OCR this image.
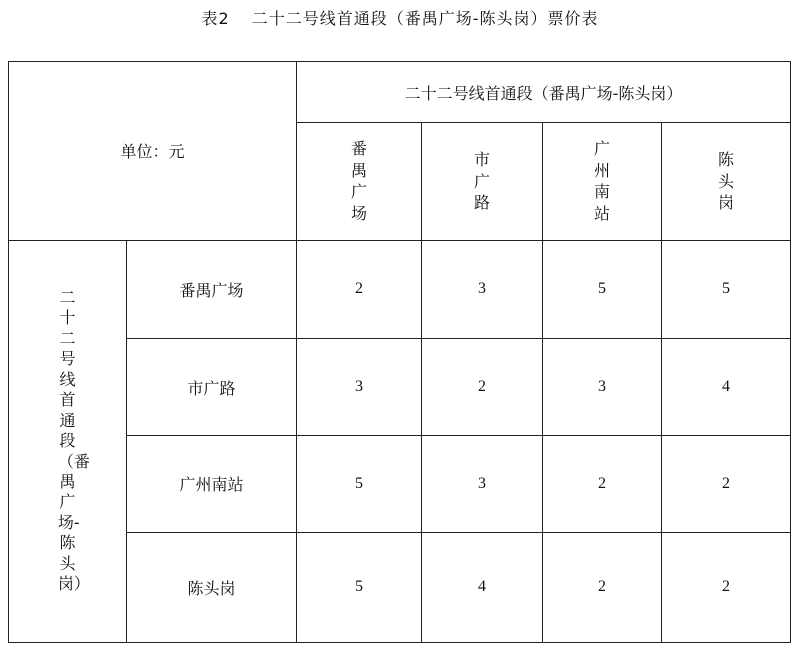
表2 二十二号线首通段（番禺广场-陈头岗）票价表
单位：元		二十二号线首通段（番禺广场-陈头岗）			
		番禺广场	市广路	广州南站	陈头岗
二十二号线首通段（番禺广场-陈头岗）	番禺广场	2	3	5	5
	市广路	3	2	3	4
	广州南站	5	3	2	2
	陈头岗	5	4	2	2
